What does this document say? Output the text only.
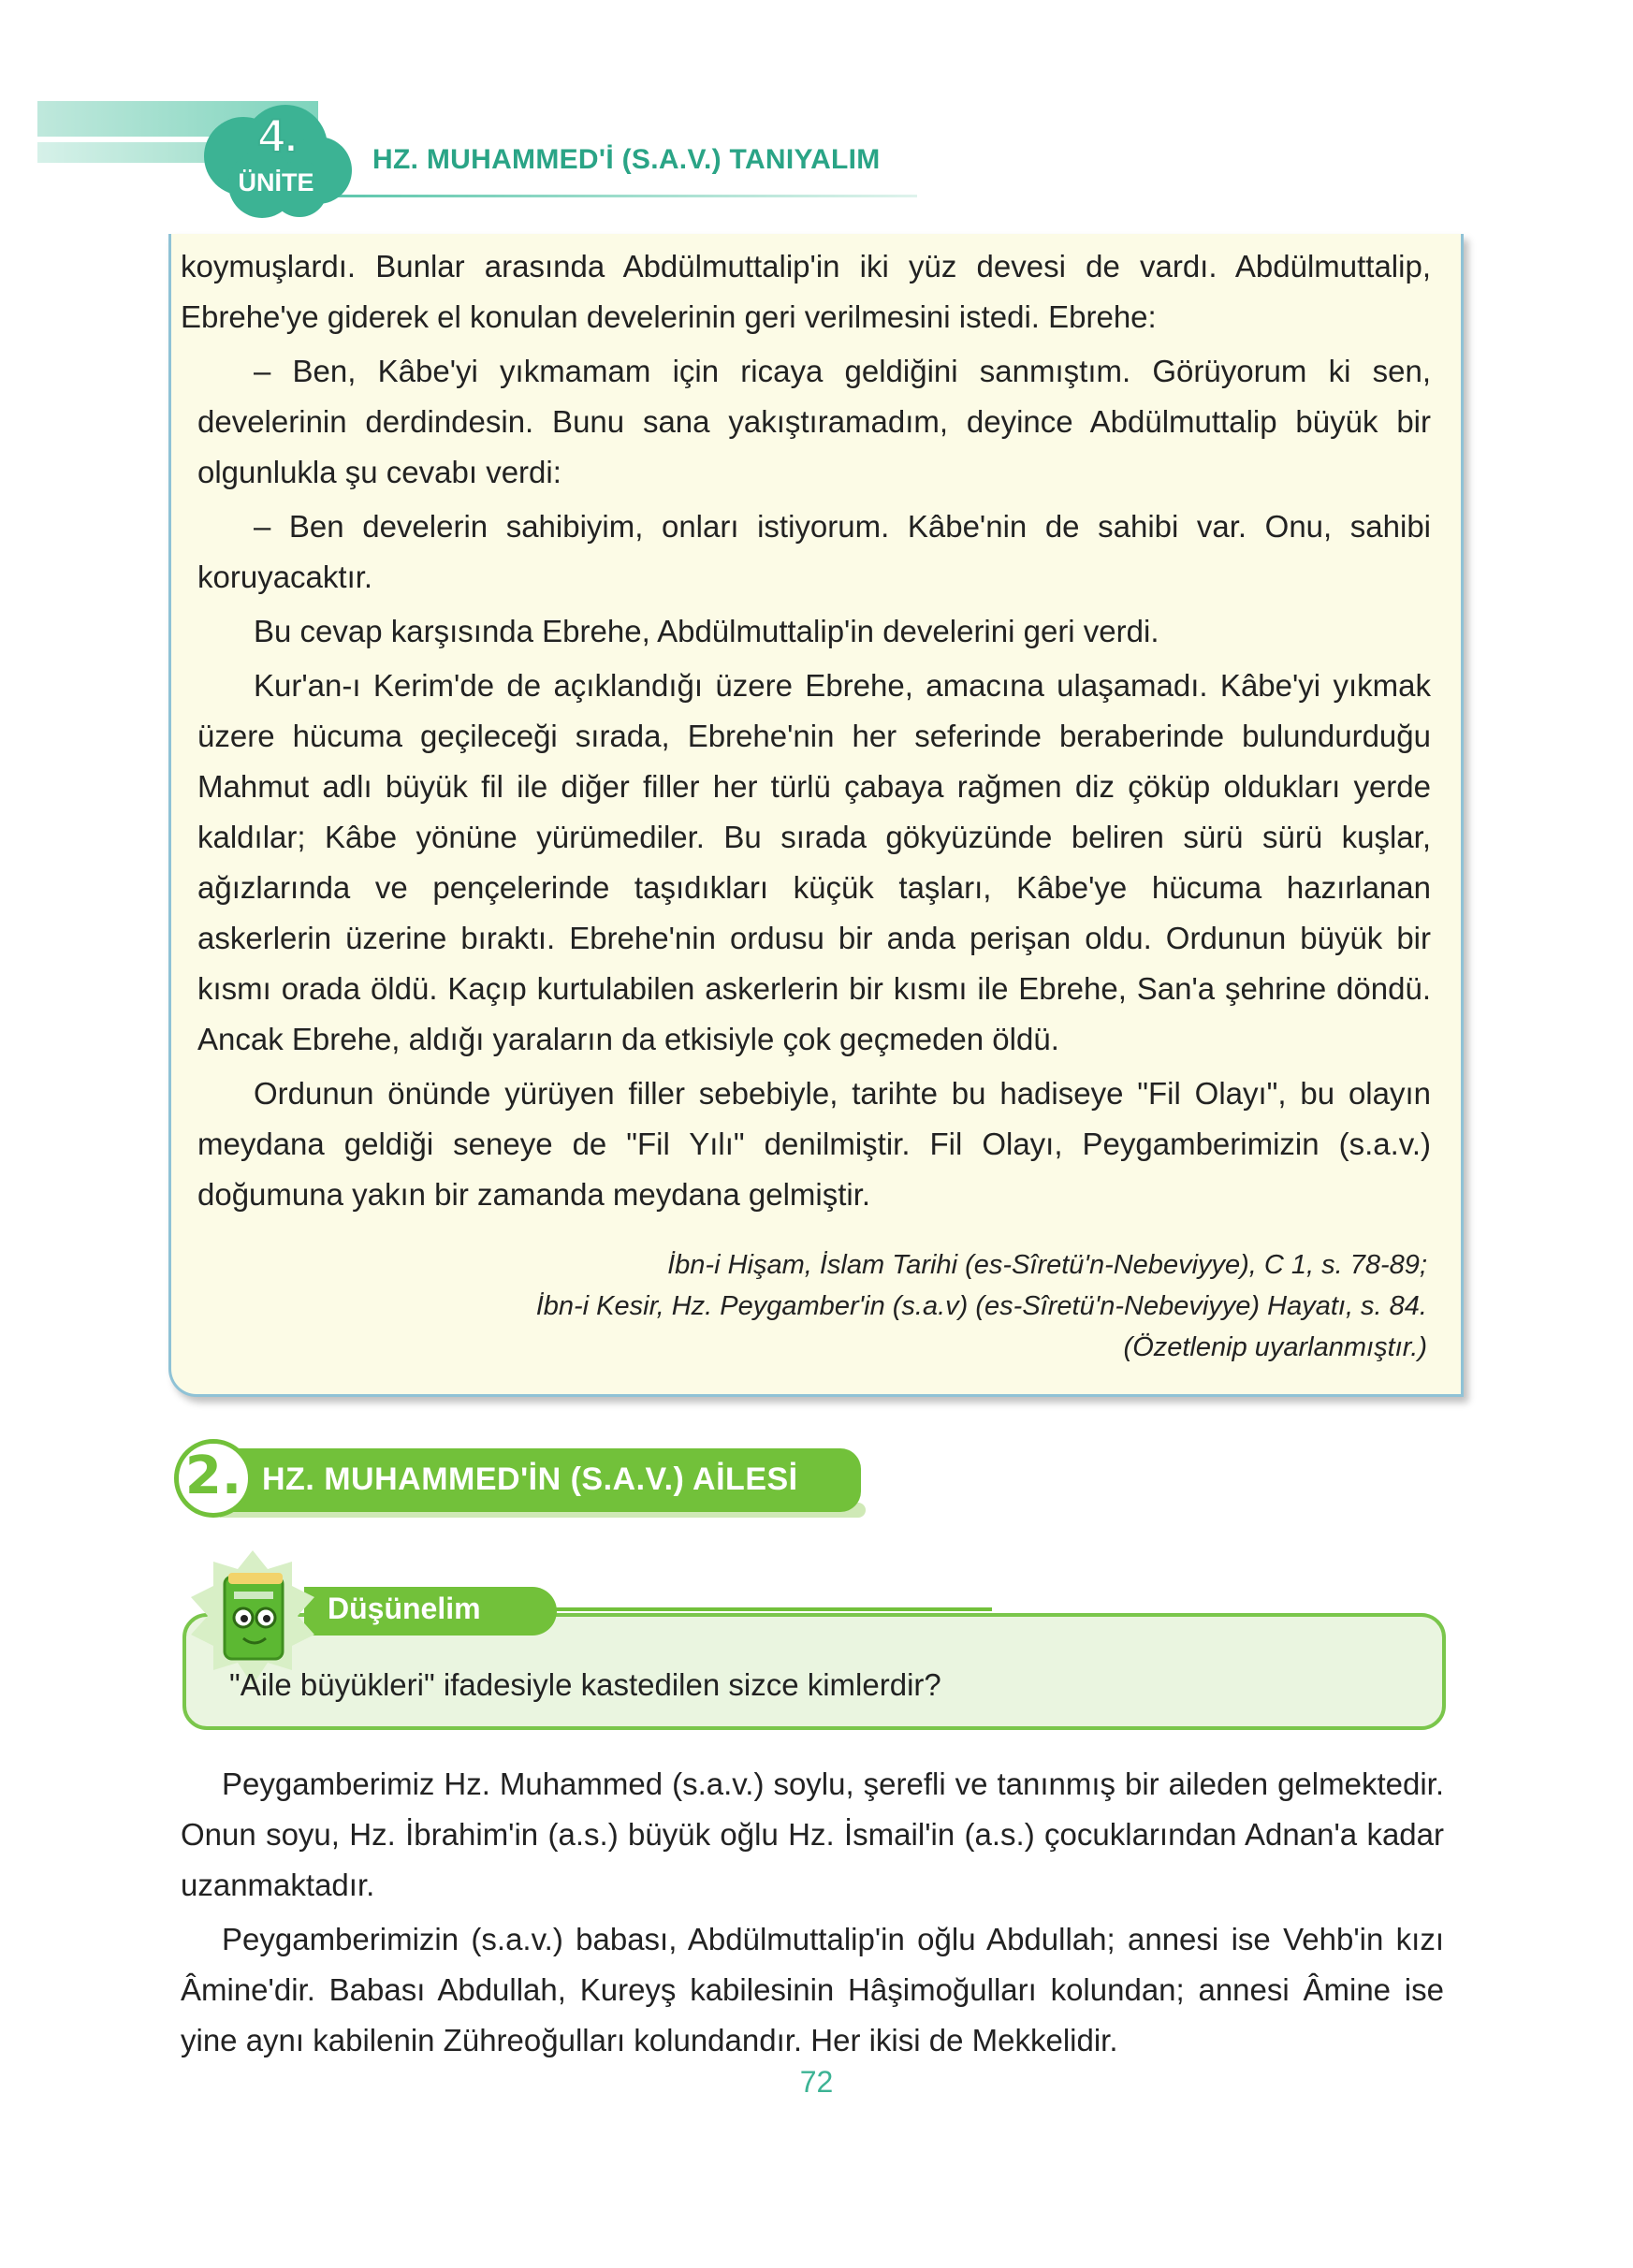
4.
ÜNİTE
HZ. MUHAMMED'İ (S.A.V.) TANIYALIM

koymuşlardı. Bunlar arasında Abdülmuttalip'in iki yüz devesi de vardı. Abdülmuttalip, Ebrehe'ye giderek el konulan develerinin geri verilmesini istedi. Ebrehe:

– Ben, Kâbe'yi yıkmamam için ricaya geldiğini sanmıştım. Görüyorum ki sen, develerinin derdindesin. Bunu sana yakıştıramadım, deyince Abdülmuttalip büyük bir olgunlukla şu cevabı verdi:

– Ben develerin sahibiyim, onları istiyorum. Kâbe'nin de sahibi var. Onu, sahibi koruyacaktır.

Bu cevap karşısında Ebrehe, Abdülmuttalip'in develerini geri verdi.

Kur'an-ı Kerim'de de açıklandığı üzere Ebrehe, amacına ulaşamadı. Kâbe'yi yıkmak üzere hücuma geçileceği sırada, Ebrehe'nin her seferinde beraberinde bulundurduğu Mahmut adlı büyük fil ile diğer filler her türlü çabaya rağmen diz çöküp oldukları yerde kaldılar; Kâbe yönüne yürümediler. Bu sırada gökyüzünde beliren sürü sürü kuşlar, ağızlarında ve pençelerinde taşıdıkları küçük taşları, Kâbe'ye hücuma hazırlanan askerlerin üzerine bıraktı. Ebrehe'nin ordusu bir anda perişan oldu. Ordunun büyük bir kısmı orada öldü. Kaçıp kurtulabilen askerlerin bir kısmı ile Ebrehe, San'a şehrine döndü. Ancak Ebrehe, aldığı yaraların da etkisiyle çok geçmeden öldü.

Ordunun önünde yürüyen filler sebebiyle, tarihte bu hadiseye "Fil Olayı", bu olayın meydana geldiği seneye de "Fil Yılı" denilmiştir. Fil Olayı, Peygamberimizin (s.a.v.) doğumuna yakın bir zamanda meydana gelmiştir.

İbn-i Hişam, İslam Tarihi (es-Sîretü'n-Nebeviyye), C 1, s. 78-89;
İbn-i Kesir, Hz. Peygamber'in (s.a.v) (es-Sîretü'n-Nebeviyye) Hayatı, s. 84.
(Özetlenip uyarlanmıştır.)
2. HZ. MUHAMMED'İN (S.A.V.) AİLESİ
Düşünelim
"Aile büyükleri" ifadesiyle kastedilen sizce kimlerdir?

Peygamberimiz Hz. Muhammed (s.a.v.) soylu, şerefli ve tanınmış bir aileden gelmektedir. Onun soyu, Hz. İbrahim'in (a.s.) büyük oğlu Hz. İsmail'in (a.s.) çocuklarından Adnan'a kadar uzanmaktadır.

Peygamberimizin (s.a.v.) babası, Abdülmuttalip'in oğlu Abdullah; annesi ise Vehb'in kızı Âmine'dir. Babası Abdullah, Kureyş kabilesinin Hâşimoğulları kolundan; annesi Âmine ise yine aynı kabilenin Zühreoğulları kolundandır. Her ikisi de Mekkelidir.

72
